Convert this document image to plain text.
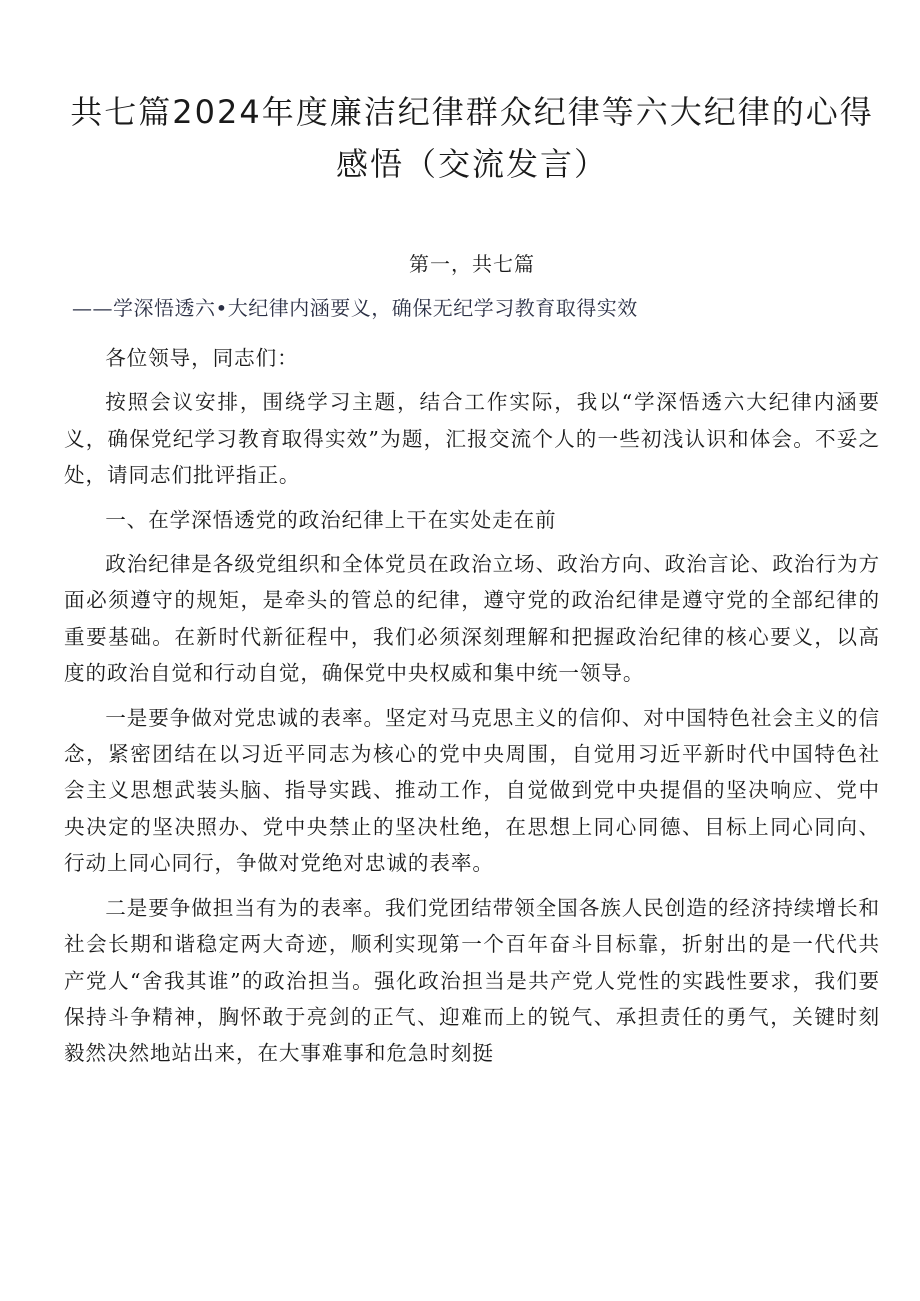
共七篇2024年度廉洁纪律群众纪律等六大纪律的心得感悟（交流发言）
第一，共七篇
——学深悟透六•大纪律内涵要义，确保无纪学习教育取得实效

各位领导，同志们：

按照会议安排，围绕学习主题，结合工作实际，我以“学深悟透六大纪律内涵要义，确保党纪学习教育取得实效”为题，汇报交流个人的一些初浅认识和体会。不妥之处，请同志们批评指正。

一、在学深悟透党的政治纪律上干在实处走在前

政治纪律是各级党组织和全体党员在政治立场、政治方向、政治言论、政治行为方面必须遵守的规矩，是牵头的管总的纪律，遵守党的政治纪律是遵守党的全部纪律的重要基础。在新时代新征程中，我们必须深刻理解和把握政治纪律的核心要义，以高度的政治自觉和行动自觉，确保党中央权威和集中统一领导。

一是要争做对党忠诚的表率。坚定对马克思主义的信仰、对中国特色社会主义的信念，紧密团结在以习近平同志为核心的党中央周围，自觉用习近平新时代中国特色社会主义思想武装头脑、指导实践、推动工作，自觉做到党中央提倡的坚决响应、党中央决定的坚决照办、党中央禁止的坚决杜绝，在思想上同心同德、目标上同心同向、行动上同心同行，争做对党绝对忠诚的表率。

二是要争做担当有为的表率。我们党团结带领全国各族人民创造的经济持续增长和社会长期和谐稳定两大奇迹，顺利实现第一个百年奋斗目标靠，折射出的是一代代共产党人“舍我其谁”的政治担当。强化政治担当是共产党人党性的实践性要求，我们要保持斗争精神，胸怀敢于亮剑的正气、迎难而上的锐气、承担责任的勇气，关键时刻毅然决然地站出来，在大事难事和危急时刻挺
